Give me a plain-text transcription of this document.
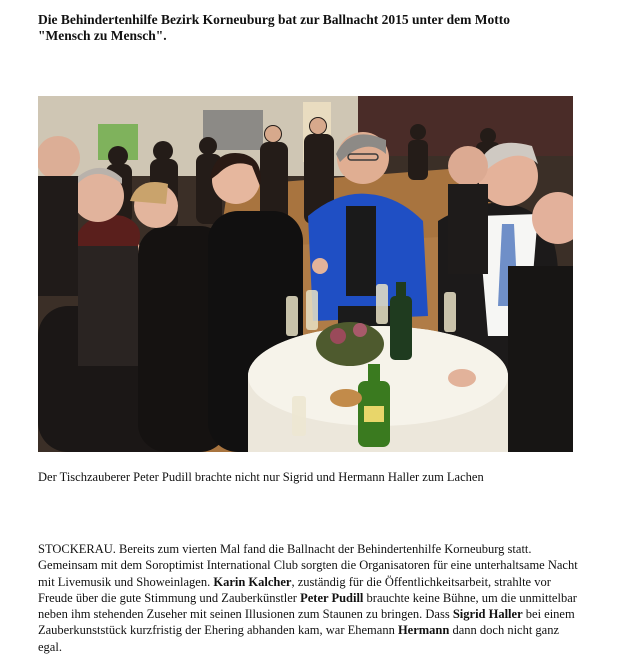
Die Behindertenhilfe Bezirk Korneuburg bat zur Ballnacht 2015 unter dem Motto
"Mensch zu Mensch".

Der Tischzauberer Peter Pudill brachte nicht nur Sigrid und Hermann Haller zum Lachen

STOCKERAU. Bereits zum vierten Mal fand die Ballnacht der Behindertenhilfe Korneuburg statt. Gemeinsam mit dem Soroptimist International Club sorgten die Organisatoren für eine unterhaltsame Nacht mit Livemusik und Showeinlagen. Karin Kalcher, zuständig für die Öffentlichkeitsarbeit, strahlte vor Freude über die gute Stimmung und Zauberkünstler Peter Pudill brauchte keine Bühne, um die unmittelbar neben ihm stehenden Zuseher mit seinen Illusionen zum Staunen zu bringen. Dass Sigrid Haller bei einem Zauberkunststück kurzfristig der Ehering abhanden kam, war Ehemann Hermann dann doch nicht ganz egal.
